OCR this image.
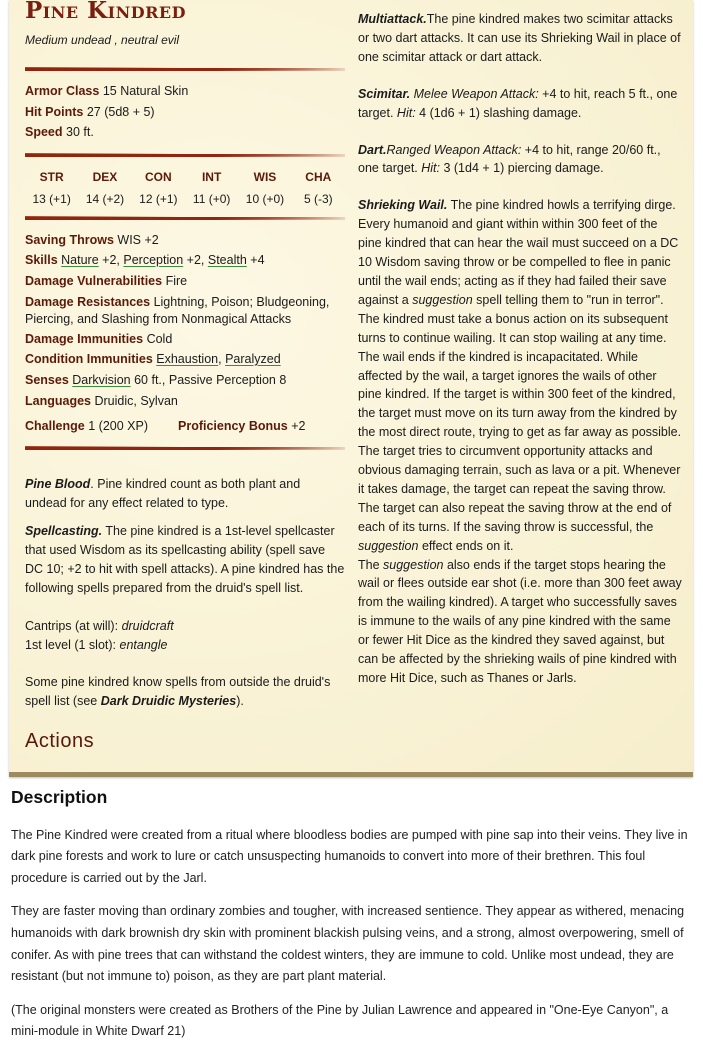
Pine Kindred
Medium undead , neutral evil
Armor Class 15 Natural Skin
Hit Points 27 (5d8 + 5)
Speed 30 ft.
STR
13 (+1)
DEX
14 (+2)
CON
12 (+1)
INT
11 (+0)
WIS
10 (+0)
CHA
5 (-3)
Saving Throws WIS +2
Skills Nature +2, Perception +2, Stealth +4
Damage Vulnerabilities Fire
Damage Resistances Lightning, Poison; Bludgeoning,
Piercing, and Slashing from Nonmagical Attacks
Damage Immunities Cold
Condition Immunities Exhaustion, Paralyzed
Senses Darkvision 60 ft., Passive Perception 8
Languages Druidic, Sylvan
Challenge 1 (200 XP) Proficiency Bonus +2

Pine Blood. Pine kindred count as both plant and undead for any effect related to type.

Spellcasting. The pine kindred is a 1st-level spellcaster that used Wisdom as its spellcasting ability (spell save DC 10; +2 to hit with spell attacks). A pine kindred has the following spells prepared from the druid's spell list.

Cantrips (at will): druidcraft
1st level (1 slot): entangle

Some pine kindred know spells from outside the druid's spell list (see Dark Druidic Mysteries).

Actions

Multiattack.The pine kindred makes two scimitar attacks or two dart attacks. It can use its Shrieking Wail in place of one scimitar attack or dart attack.

Scimitar. Melee Weapon Attack: +4 to hit, reach 5 ft., one target. Hit: 4 (1d6 + 1) slashing damage.

Dart.Ranged Weapon Attack: +4 to hit, range 20/60 ft., one target. Hit: 3 (1d4 + 1) piercing damage.

Shrieking Wail. The pine kindred howls a terrifying dirge. Every humanoid and giant within within 300 feet of the pine kindred that can hear the wail must succeed on a DC 10 Wisdom saving throw or be compelled to flee in panic until the wail ends; acting as if they had failed their save against a suggestion spell telling them to "run in terror". The kindred must take a bonus action on its subsequent turns to continue wailing. It can stop wailing at any time. The wail ends if the kindred is incapacitated. While affected by the wail, a target ignores the wails of other pine kindred. If the target is within 300 feet of the kindred, the target must move on its turn away from the kindred by the most direct route, trying to get as far away as possible. The target tries to circumvent opportunity attacks and obvious damaging terrain, such as lava or a pit. Whenever it takes damage, the target can repeat the saving throw. The target can also repeat the saving throw at the end of each of its turns. If the saving throw is successful, the suggestion effect ends on it.

The suggestion also ends if the target stops hearing the wail or flees outside ear shot (i.e. more than 300 feet away from the wailing kindred). A target who successfully saves is immune to the wails of any pine kindred with the same or fewer Hit Dice as the kindred they saved against, but can be affected by the shrieking wails of pine kindred with more Hit Dice, such as Thanes or Jarls.

Description

The Pine Kindred were created from a ritual where bloodless bodies are pumped with pine sap into their veins. They live in dark pine forests and work to lure or catch unsuspecting humanoids to convert into more of their brethren. This foul procedure is carried out by the Jarl.

They are faster moving than ordinary zombies and tougher, with increased sentience. They appear as withered, menacing humanoids with dark brownish dry skin with prominent blackish pulsing veins, and a strong, almost overpowering, smell of conifer. As with pine trees that can withstand the coldest winters, they are immune to cold. Unlike most undead, they are resistant (but not immune to) poison, as they are part plant material.

(The original monsters were created as Brothers of the Pine by Julian Lawrence and appeared in "One-Eye Canyon", a mini-module in White Dwarf 21)
